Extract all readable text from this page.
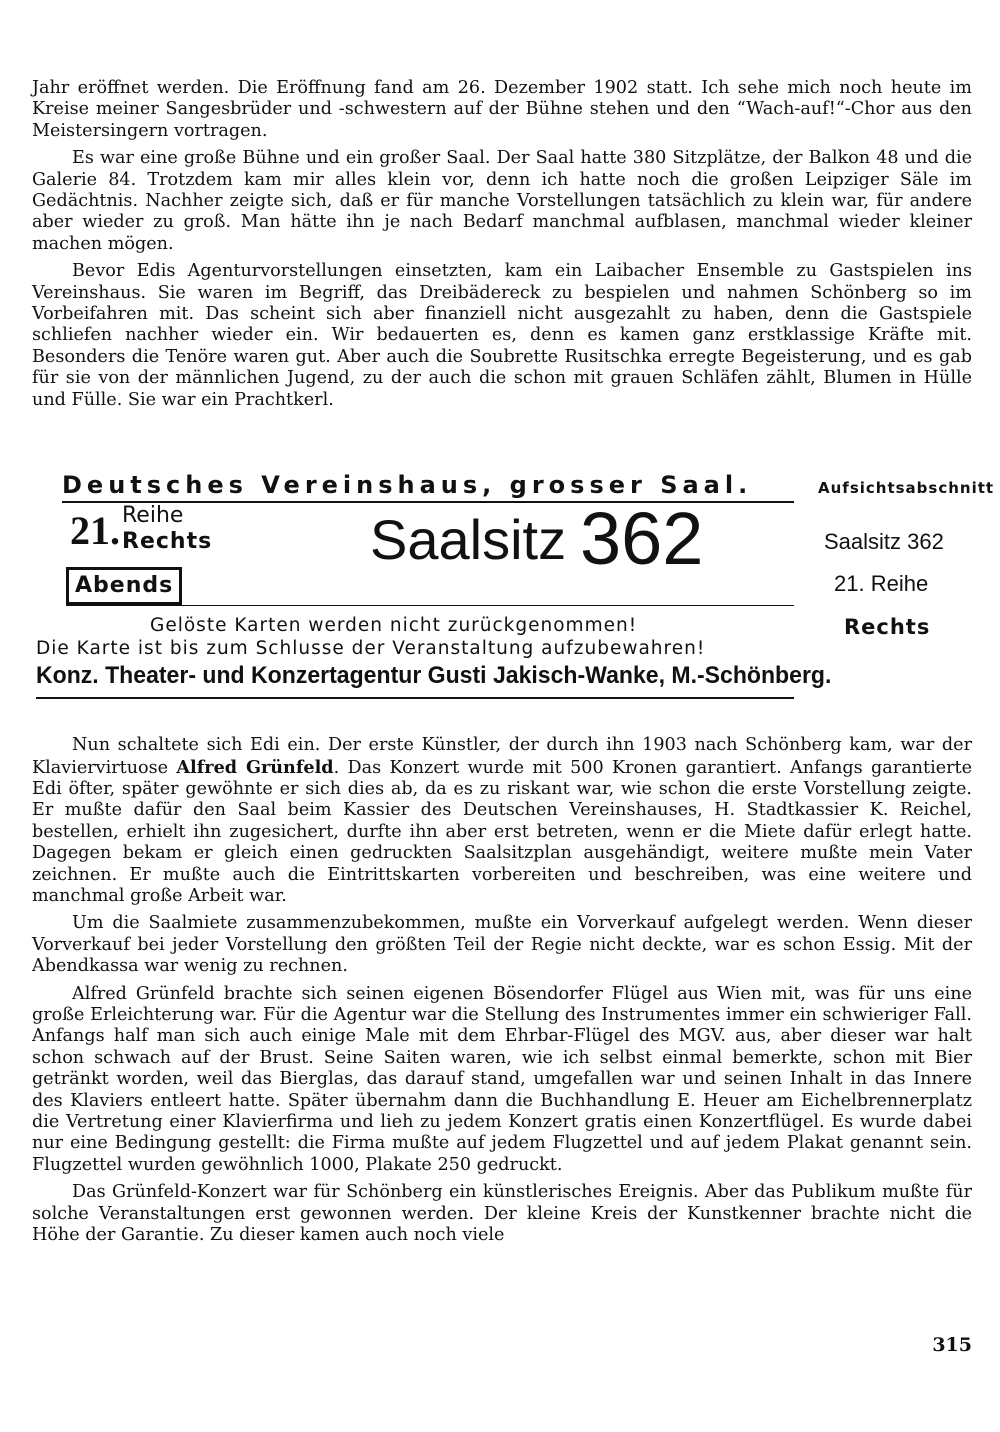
Jahr eröffnet werden. Die Eröffnung fand am 26. Dezember 1902 statt. Ich sehe mich noch heute im Kreise meiner Sangesbrüder und -schwestern auf der Bühne stehen und den “Wach-auf!“-Chor aus den Meistersingern vortragen.

Es war eine große Bühne und ein großer Saal. Der Saal hatte 380 Sitzplätze, der Balkon 48 und die Galerie 84. Trotzdem kam mir alles klein vor, denn ich hatte noch die großen Leipziger Säle im Gedächtnis. Nachher zeigte sich, daß er für manche Vorstellungen tatsächlich zu klein war, für andere aber wieder zu groß. Man hätte ihn je nach Bedarf manchmal aufblasen, manchmal wieder kleiner machen mögen.

Bevor Edis Agenturvorstellungen einsetzten, kam ein Laibacher Ensemble zu Gastspielen ins Vereinshaus. Sie waren im Begriff, das Dreibädereck zu bespielen und nahmen Schönberg so im Vorbeifahren mit. Das scheint sich aber finanziell nicht ausgezahlt zu haben, denn die Gastspiele schliefen nachher wieder ein. Wir bedauerten es, denn es kamen ganz erstklassige Kräfte mit. Besonders die Tenöre waren gut. Aber auch die Soubrette Rusitschka erregte Begeisterung, und es gab für sie von der männlichen Jugend, zu der auch die schon mit grauen Schläfen zählt, Blumen in Hülle und Fülle. Sie war ein Prachtkerl.

Deutsches Vereinshaus, grosser Saal.
21. Reihe
Rechts
Abends
Saalsitz 362
Gelöste Karten werden nicht zurückgenommen!
Die Karte ist bis zum Schlusse der Veranstaltung aufzubewahren!
Konz. Theater- und Konzertagentur Gusti Jakisch-Wanke, M.-Schönberg.
Aufsichtsabschnitt
Saalsitz 362
21. Reihe
Rechts

Nun schaltete sich Edi ein. Der erste Künstler, der durch ihn 1903 nach Schönberg kam, war der Klaviervirtuose Alfred Grünfeld. Das Konzert wurde mit 500 Kronen garantiert. Anfangs garantierte Edi öfter, später gewöhnte er sich dies ab, da es zu riskant war, wie schon die erste Vorstellung zeigte. Er mußte dafür den Saal beim Kassier des Deutschen Vereinshauses, H. Stadtkassier K. Reichel, bestellen, erhielt ihn zugesichert, durfte ihn aber erst betreten, wenn er die Miete dafür erlegt hatte. Dagegen bekam er gleich einen gedruckten Saalsitzplan ausgehändigt, weitere mußte mein Vater zeichnen. Er mußte auch die Eintrittskarten vorbereiten und beschreiben, was eine weitere und manchmal große Arbeit war.

Um die Saalmiete zusammenzubekommen, mußte ein Vorverkauf aufgelegt werden. Wenn dieser Vorverkauf bei jeder Vorstellung den größten Teil der Regie nicht deckte, war es schon Essig. Mit der Abendkassa war wenig zu rechnen.

Alfred Grünfeld brachte sich seinen eigenen Bösendorfer Flügel aus Wien mit, was für uns eine große Erleichterung war. Für die Agentur war die Stellung des Instrumentes immer ein schwieriger Fall. Anfangs half man sich auch einige Male mit dem Ehrbar-Flügel des MGV. aus, aber dieser war halt schon schwach auf der Brust. Seine Saiten waren, wie ich selbst einmal bemerkte, schon mit Bier getränkt worden, weil das Bierglas, das darauf stand, umgefallen war und seinen Inhalt in das Innere des Klaviers entleert hatte. Später übernahm dann die Buchhandlung E. Heuer am Eichelbrennerplatz die Vertretung einer Klavierfirma und lieh zu jedem Konzert gratis einen Konzertflügel. Es wurde dabei nur eine Bedingung gestellt: die Firma mußte auf jedem Flugzettel und auf jedem Plakat genannt sein. Flugzettel wurden gewöhnlich 1000, Plakate 250 gedruckt.

Das Grünfeld-Konzert war für Schönberg ein künstlerisches Ereignis. Aber das Publikum mußte für solche Veranstaltungen erst gewonnen werden. Der kleine Kreis der Kunstkenner brachte nicht die Höhe der Garantie. Zu dieser kamen auch noch viele

315
